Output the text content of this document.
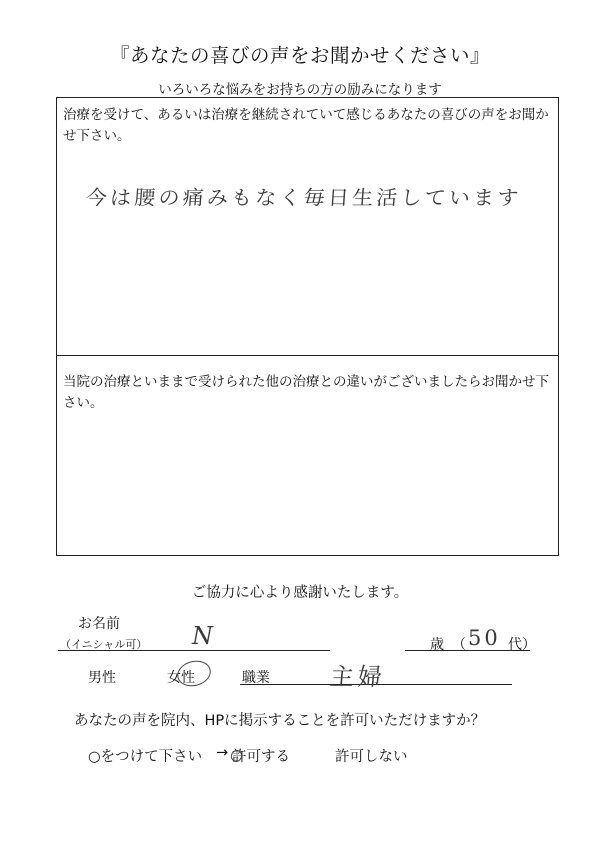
『あなたの喜びの声をお聞かせください』
いろいろな悩みをお持ちの方の励みになります
治療を受けて、あるいは治療を継続されていて感じるあなたの喜びの声をお聞かせ下さい。
今は腰の痛みもなく毎日生活しています
当院の治療といままで受けられた他の治療との違いがございましたらお聞かせ下さい。
ご協力に心より感謝いたします。
お名前
（イニシャル可） N	歳 （ 50 代）
男性	女性	職業 主婦
あなたの声を院内、HPに掲示することを許可いただけますか？
○をつけて下さい → 許可する	許可しない
